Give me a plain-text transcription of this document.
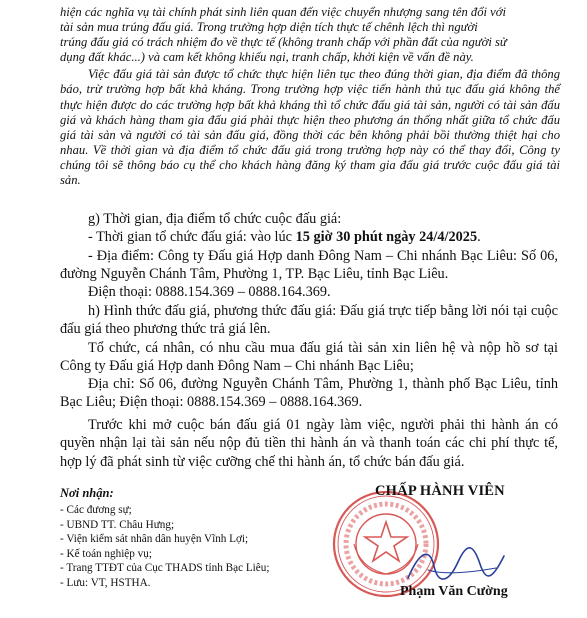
hiện các nghĩa vụ tài chính phát sinh liên quan đến việc chuyển nhượng sang tên đổi với

tài sản mua trúng đấu giá. Trong trường hợp diện tích thực tế chênh lệch thì người

trúng đấu giá có trách nhiệm đo về thực tế (không tranh chấp với phần đất của người sử

dụng đất khác...) và cam kết không khiếu nại, tranh chấp, khởi kiện về vấn đề này.

Việc đấu giá tài sản được tổ chức thực hiện liên tục theo đúng thời gian, địa điểm đã thông báo, trừ trường hợp bất khả kháng. Trong trường hợp việc tiến hành thủ tục đấu giá không thể thực hiện được do các trường hợp bất khả kháng thì tổ chức đấu giá tài sản, người có tài sản đấu giá và khách hàng tham gia đấu giá phải thực hiện theo phương án thống nhất giữa tổ chức đấu giá tài sản và người có tài sản đấu giá, đồng thời các bên không phải bồi thường thiệt hại cho nhau. Về thời gian và địa điểm tổ chức đấu giá trong trường hợp này có thể thay đổi, Công ty chúng tôi sẽ thông báo cụ thể cho khách hàng đăng ký tham gia đấu giá trước cuộc đấu giá tài sản.

g) Thời gian, địa điểm tổ chức cuộc đấu giá:

- Thời gian tổ chức đấu giá: vào lúc 15 giờ 30 phút ngày 24/4/2025.

- Địa điểm: Công ty Đấu giá Hợp danh Đông Nam – Chi nhánh Bạc Liêu: Số 06, đường Nguyễn Chánh Tâm, Phường 1, TP. Bạc Liêu, tỉnh Bạc Liêu.

Điện thoại: 0888.154.369 – 0888.164.369.

h) Hình thức đấu giá, phương thức đấu giá: Đấu giá trực tiếp bằng lời nói tại cuộc đấu giá theo phương thức trả giá lên.

Tổ chức, cá nhân, có nhu cầu mua đấu giá tài sản xin liên hệ và nộp hồ sơ tại Công ty Đấu giá Hợp danh Đông Nam – Chi nhánh Bạc Liêu;

Địa chỉ: Số 06, đường Nguyễn Chánh Tâm, Phường 1, thành phố Bạc Liêu, tỉnh Bạc Liêu; Điện thoại: 0888.154.369 – 0888.164.369.

Trước khi mở cuộc bán đấu giá 01 ngày làm việc, người phải thi hành án có quyền nhận lại tài sản nếu nộp đủ tiền thi hành án và thanh toán các chi phí thực tế, hợp lý đã phát sinh từ việc cưỡng chế thi hành án, tổ chức bán đấu giá.

Nơi nhận:
- Các đương sự;
- UBND TT. Châu Hưng;
- Viện kiểm sát nhân dân huyện Vĩnh Lợi;
- Kế toán nghiệp vụ;
- Trang TTĐT của Cục THADS tỉnh Bạc Liêu;
- Lưu: VT, HSTHA.
CHẤP HÀNH VIÊN
Phạm Văn Cường
